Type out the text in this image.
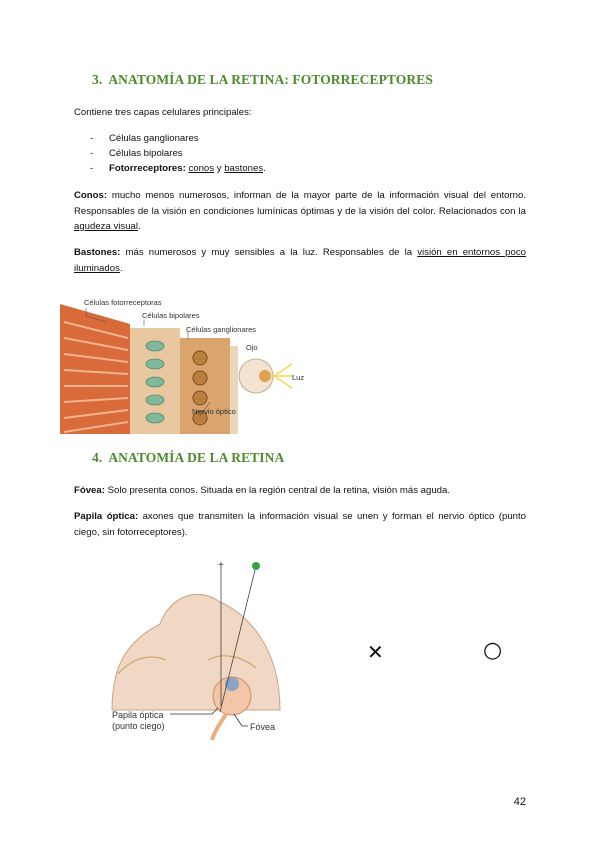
3. ANATOMÍA DE LA RETINA: FOTORRECEPTORES
Contiene tres capas celulares principales:
- Células ganglionares
- Células bipolares
- Fotorreceptores: conos y bastones.
Conos: mucho menos numerosos, informan de la mayor parte de la información visual del entorno. Responsables de la visión en condiciones lumínicas óptimas y de la visión del color. Relacionados con la agudeza visual.
Bastones: más numerosos y muy sensibles a la luz. Responsables de la visión en entornos poco iluminados.
Células fotorreceptoras
Células bipolares
Células ganglionares
Ojo
Luz
Nervio óptico
4. ANATOMÍA DE LA RETINA
Fóvea: Solo presenta conos. Situada en la región central de la retina, visión más aguda.
Papila óptica: axones que transmiten la información visual se unen y forman el nervio óptico (punto ciego, sin fotorreceptores).
+
Papila óptica
(punto ciego)	Fóvea
✕	○
42
